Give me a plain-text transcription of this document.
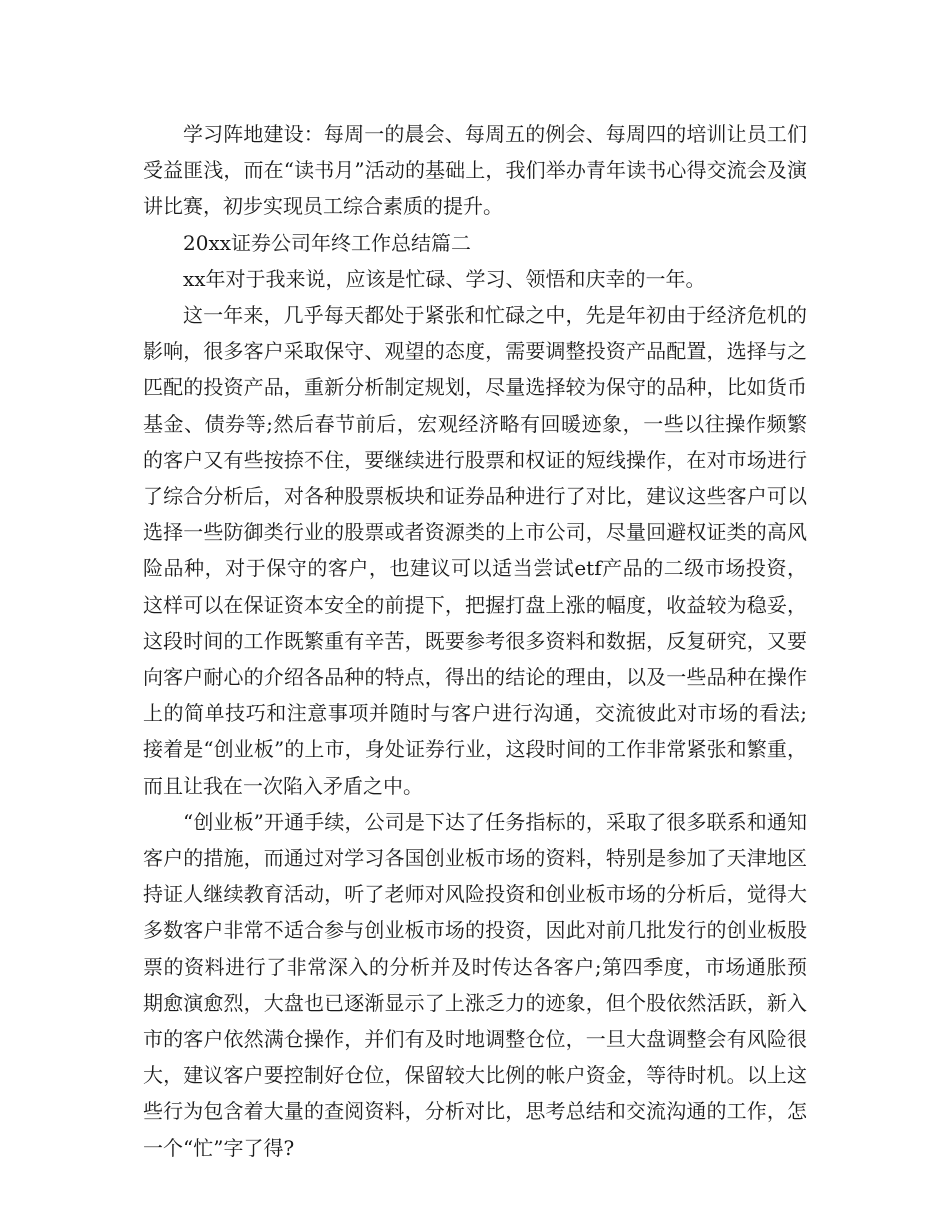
学习阵地建设：每周一的晨会、每周五的例会、每周四的培训让员工们受益匪浅，而在“读书月”活动的基础上，我们举办青年读书心得交流会及演讲比赛，初步实现员工综合素质的提升。

20xx证券公司年终工作总结篇二

xx年对于我来说，应该是忙碌、学习、领悟和庆幸的一年。

这一年来，几乎每天都处于紧张和忙碌之中，先是年初由于经济危机的影响，很多客户采取保守、观望的态度，需要调整投资产品配置，选择与之匹配的投资产品，重新分析制定规划，尽量选择较为保守的品种，比如货币基金、债券等;然后春节前后，宏观经济略有回暖迹象，一些以往操作频繁的客户又有些按捺不住，要继续进行股票和权证的短线操作，在对市场进行了综合分析后，对各种股票板块和证券品种进行了对比，建议这些客户可以选择一些防御类行业的股票或者资源类的上市公司，尽量回避权证类的高风险品种，对于保守的客户，也建议可以适当尝试etf产品的二级市场投资，这样可以在保证资本安全的前提下，把握打盘上涨的幅度，收益较为稳妥，这段时间的工作既繁重有辛苦，既要参考很多资料和数据，反复研究，又要向客户耐心的介绍各品种的特点，得出的结论的理由，以及一些品种在操作上的简单技巧和注意事项并随时与客户进行沟通，交流彼此对市场的看法;接着是“创业板”的上市，身处证券行业，这段时间的工作非常紧张和繁重，而且让我在一次陷入矛盾之中。

“创业板”开通手续，公司是下达了任务指标的，采取了很多联系和通知客户的措施，而通过对学习各国创业板市场的资料，特别是参加了天津地区持证人继续教育活动，听了老师对风险投资和创业板市场的分析后，觉得大多数客户非常不适合参与创业板市场的投资，因此对前几批发行的创业板股票的资料进行了非常深入的分析并及时传达各客户;第四季度，市场通胀预期愈演愈烈，大盘也已逐渐显示了上涨乏力的迹象，但个股依然活跃，新入市的客户依然满仓操作，并们有及时地调整仓位，一旦大盘调整会有风险很大，建议客户要控制好仓位，保留较大比例的帐户资金，等待时机。以上这些行为包含着大量的查阅资料，分析对比，思考总结和交流沟通的工作，怎一个“忙”字了得?
